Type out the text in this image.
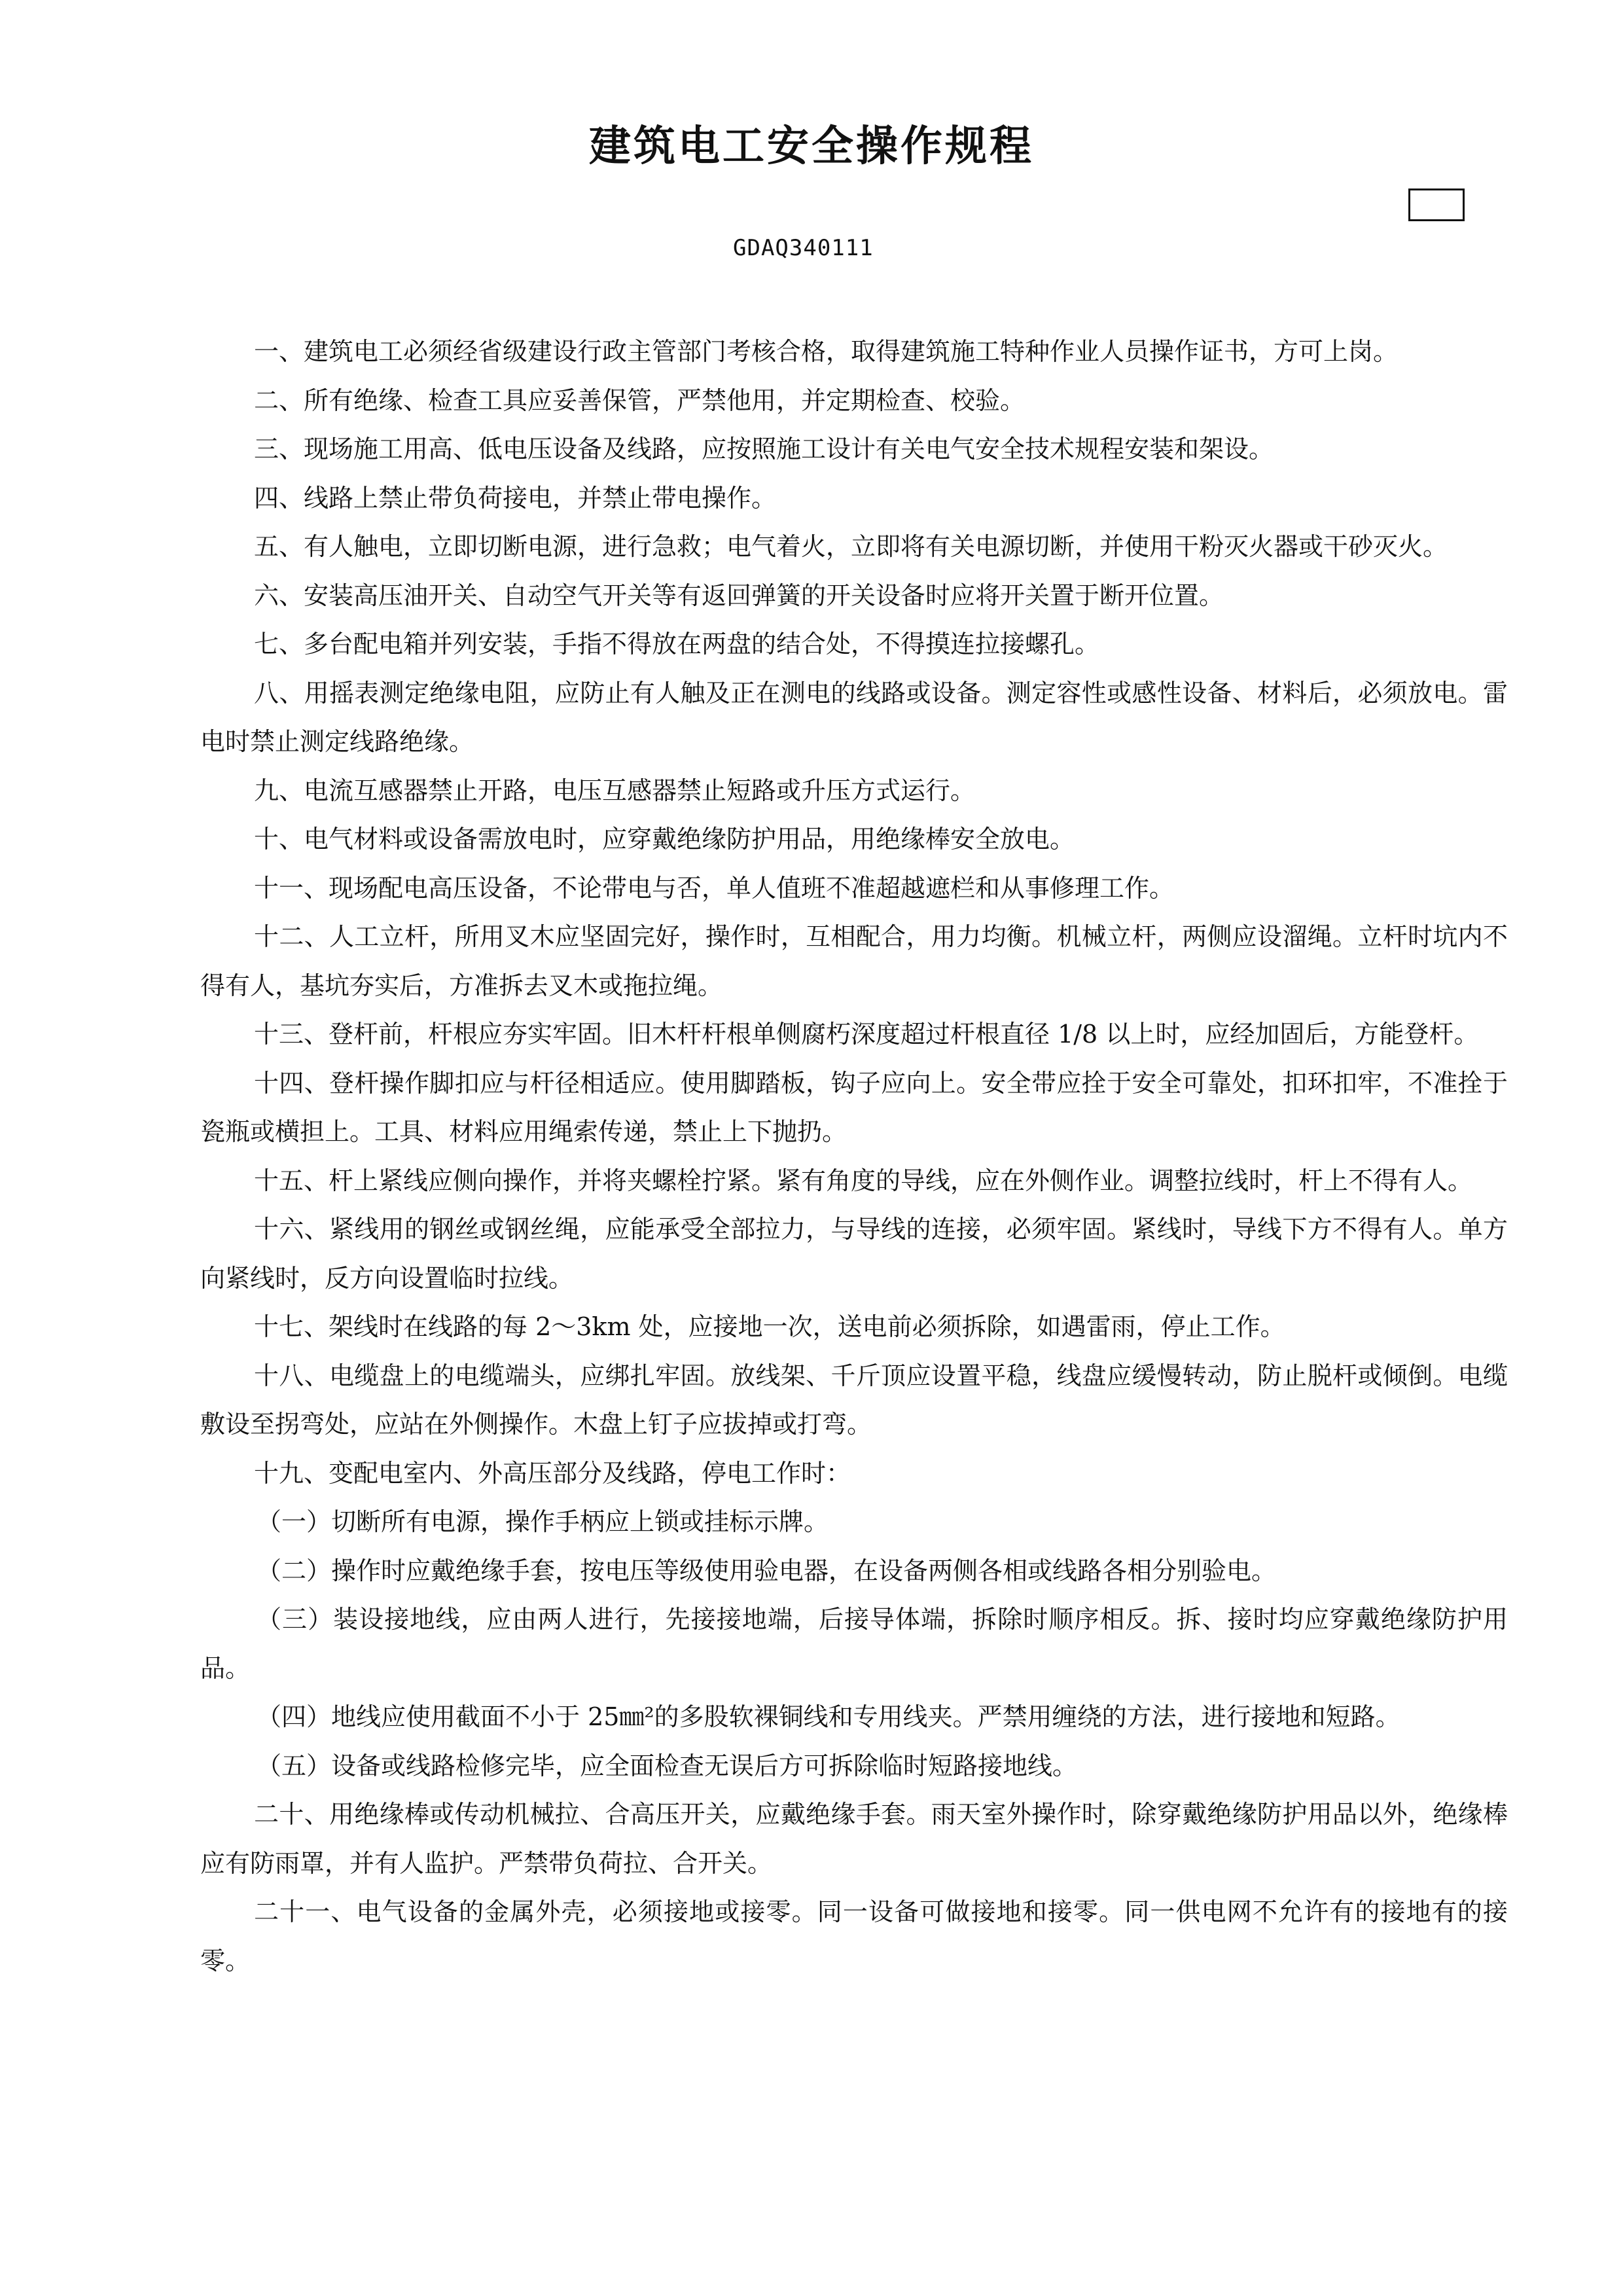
建筑电工安全操作规程
GDAQ340111

一、建筑电工必须经省级建设行政主管部门考核合格，取得建筑施工特种作业人员操作证书，方可上岗。

二、所有绝缘、检查工具应妥善保管，严禁他用，并定期检查、校验。

三、现场施工用高、低电压设备及线路，应按照施工设计有关电气安全技术规程安装和架设。

四、线路上禁止带负荷接电，并禁止带电操作。

五、有人触电，立即切断电源，进行急救；电气着火，立即将有关电源切断，并使用干粉灭火器或干砂灭火。

六、安装高压油开关、自动空气开关等有返回弹簧的开关设备时应将开关置于断开位置。

七、多台配电箱并列安装，手指不得放在两盘的结合处，不得摸连拉接螺孔。

八、用摇表测定绝缘电阻，应防止有人触及正在测电的线路或设备。测定容性或感性设备、材料后，必须放电。雷电时禁止测定线路绝缘。

九、电流互感器禁止开路，电压互感器禁止短路或升压方式运行。

十、电气材料或设备需放电时，应穿戴绝缘防护用品，用绝缘棒安全放电。

十一、现场配电高压设备，不论带电与否，单人值班不准超越遮栏和从事修理工作。

十二、人工立杆，所用叉木应坚固完好，操作时，互相配合，用力均衡。机械立杆，两侧应设溜绳。立杆时坑内不得有人，基坑夯实后，方准拆去叉木或拖拉绳。

十三、登杆前，杆根应夯实牢固。旧木杆杆根单侧腐朽深度超过杆根直径 1/8 以上时，应经加固后，方能登杆。

十四、登杆操作脚扣应与杆径相适应。使用脚踏板，钩子应向上。安全带应拴于安全可靠处，扣环扣牢，不准拴于瓷瓶或横担上。工具、材料应用绳索传递，禁止上下抛扔。

十五、杆上紧线应侧向操作，并将夹螺栓拧紧。紧有角度的导线，应在外侧作业。调整拉线时，杆上不得有人。

十六、紧线用的钢丝或钢丝绳，应能承受全部拉力，与导线的连接，必须牢固。紧线时，导线下方不得有人。单方向紧线时，反方向设置临时拉线。

十七、架线时在线路的每 2～3km 处，应接地一次，送电前必须拆除，如遇雷雨，停止工作。

十八、电缆盘上的电缆端头，应绑扎牢固。放线架、千斤顶应设置平稳，线盘应缓慢转动，防止脱杆或倾倒。电缆敷设至拐弯处，应站在外侧操作。木盘上钉子应拔掉或打弯。

十九、变配电室内、外高压部分及线路，停电工作时：

（一）切断所有电源，操作手柄应上锁或挂标示牌。

（二）操作时应戴绝缘手套，按电压等级使用验电器，在设备两侧各相或线路各相分别验电。

（三）装设接地线，应由两人进行，先接接地端，后接导体端，拆除时顺序相反。拆、接时均应穿戴绝缘防护用品。

（四）地线应使用截面不小于 25㎜²的多股软裸铜线和专用线夹。严禁用缠绕的方法，进行接地和短路。

（五）设备或线路检修完毕，应全面检查无误后方可拆除临时短路接地线。

二十、用绝缘棒或传动机械拉、合高压开关，应戴绝缘手套。雨天室外操作时，除穿戴绝缘防护用品以外，绝缘棒应有防雨罩，并有人监护。严禁带负荷拉、合开关。

二十一、电气设备的金属外壳，必须接地或接零。同一设备可做接地和接零。同一供电网不允许有的接地有的接零。
